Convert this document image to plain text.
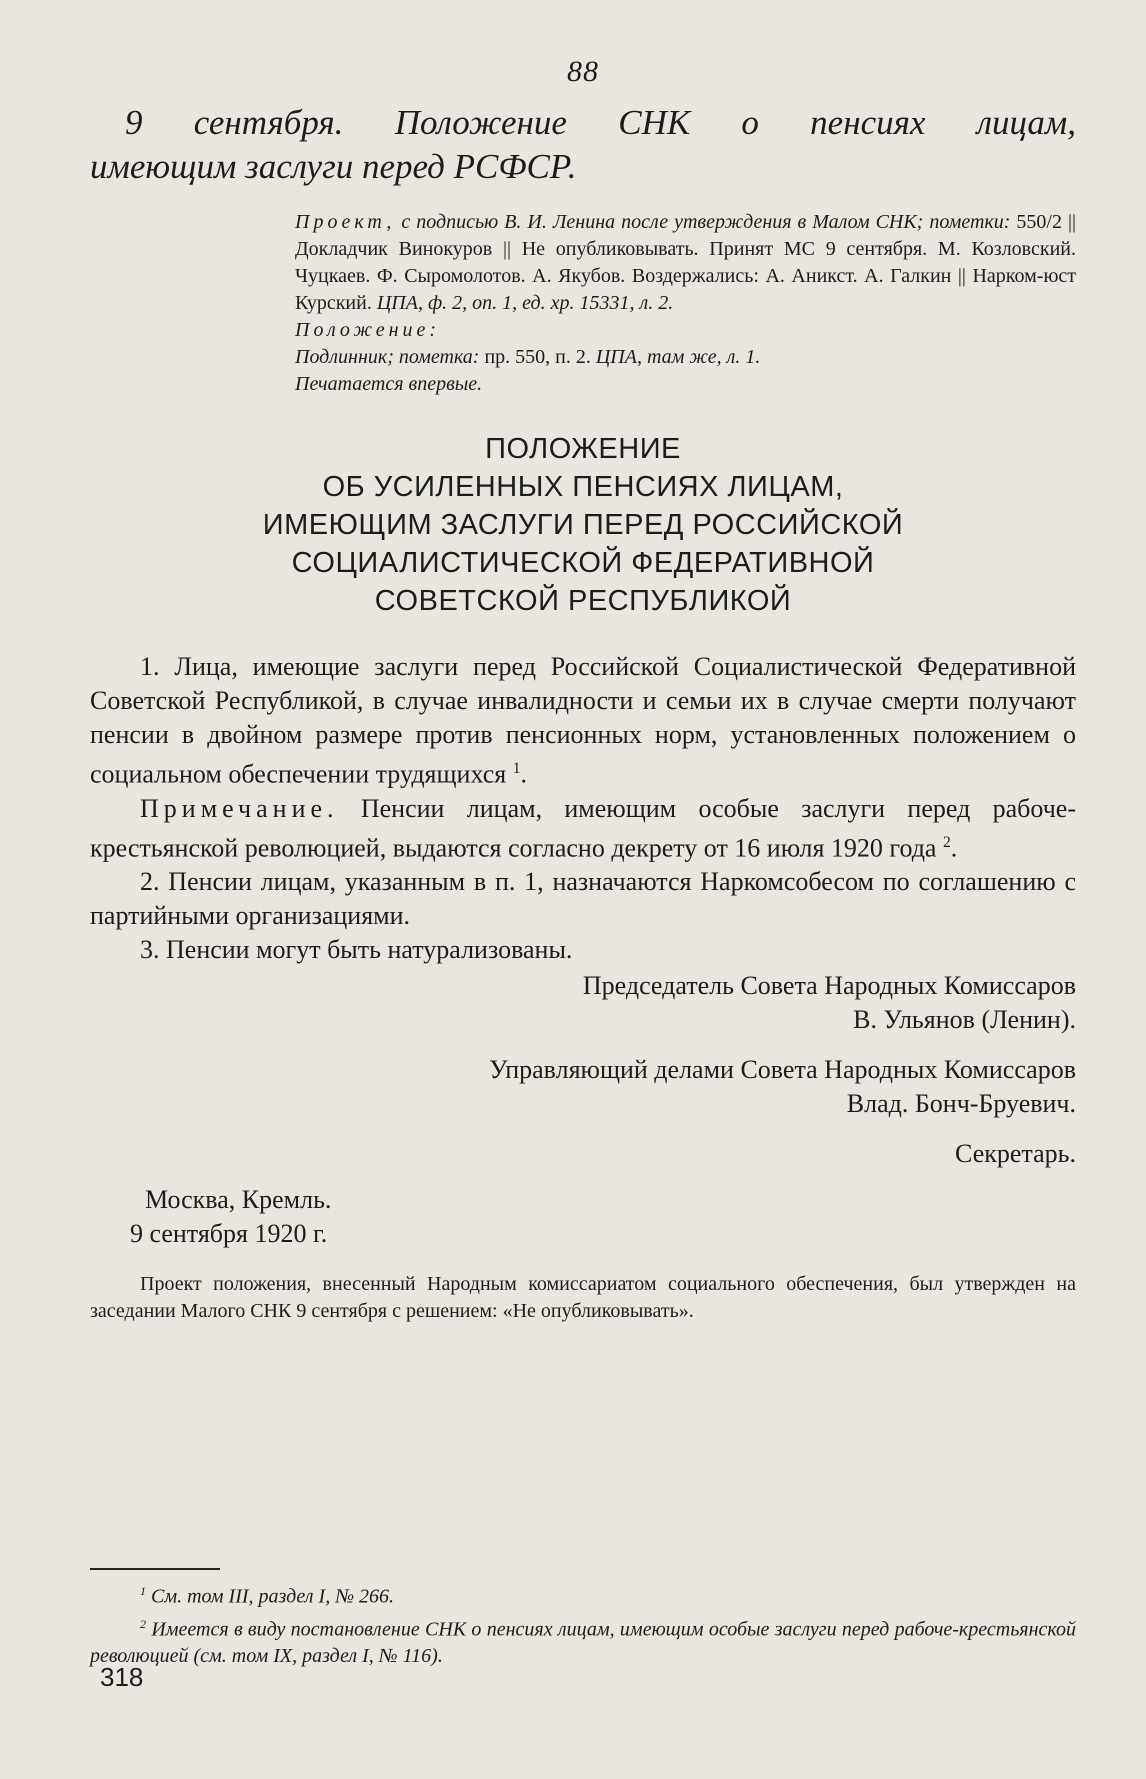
88
9 сентября. Положение СНК о пенсиях лицам,
имеющим заслуги перед РСФСР.

Проект, с подписью В. И. Ленина после утверждения в Малом СНК; пометки: 550/2 || Докладчик Винокуров || Не опубликовывать. Принят МС 9 сентября. М. Козловский. Чуцкаев. Ф. Сыромолотов. А. Якубов. Воздержались: А. Аникст. А. Галкин || Нарком-юст Курский. ЦПА, ф. 2, оп. 1, ед. хр. 15331, л. 2.

Положение:

Подлинник; пометка: пр. 550, п. 2. ЦПА, там же, л. 1.

Печатается впервые.

ПОЛОЖЕНИЕ
ОБ УСИЛЕННЫХ ПЕНСИЯХ ЛИЦАМ,
ИМЕЮЩИМ ЗАСЛУГИ ПЕРЕД РОССИЙСКОЙ
СОЦИАЛИСТИЧЕСКОЙ ФЕДЕРАТИВНОЙ
СОВЕТСКОЙ РЕСПУБЛИКОЙ

1. Лица, имеющие заслуги перед Российской Социалистической Федеративной Советской Республикой, в случае инвалидности и семьи их в случае смерти получают пенсии в двойном размере против пенсионных норм, установленных положением о социальном обеспечении трудящихся $^1$.

Примечание. Пенсии лицам, имеющим особые заслуги перед рабоче-крестьянской революцией, выдаются согласно декрету от 16 июля 1920 года $^2$.

2. Пенсии лицам, указанным в п. 1, назначаются Наркомсобесом по соглашению с партийными организациями.

3. Пенсии могут быть натурализованы.

Председатель Совета Народных Комиссаров
В. Ульянов (Ленин).
Управляющий делами Совета Народных Комиссаров
Влад. Бонч-Бруевич.
Секретарь.
Москва, Кремль.
9 сентября 1920 г.

Проект положения, внесенный Народным комиссариатом социального обеспечения, был утвержден на заседании Малого СНК 9 сентября с решением: «Не опубликовывать».

$^1$ См. том III, раздел I, № 266.

$^2$ Имеется в виду постановление СНК о пенсиях лицам, имеющим особые заслуги перед рабоче-крестьянской революцией (см. том IX, раздел I, № 116).

318
